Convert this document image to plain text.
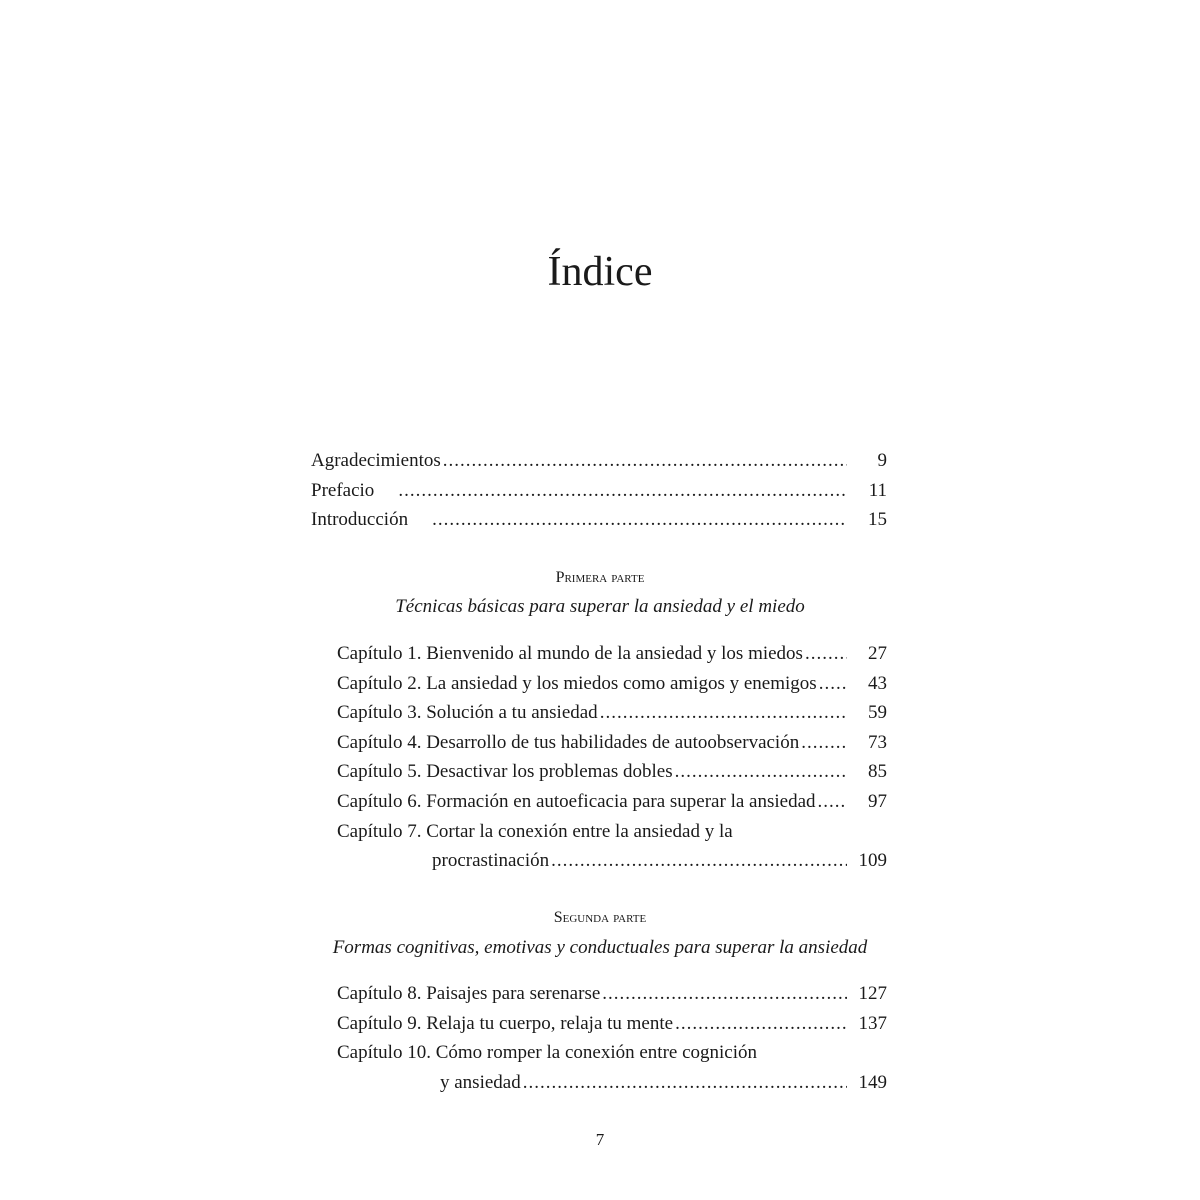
Índice
Agradecimientos .....	9
Prefacio .....	11
Introducción .....	15
Primera parte
Técnicas básicas para superar la ansiedad y el miedo
Capítulo 1. Bienvenido al mundo de la ansiedad y los miedos .....	27
Capítulo 2. La ansiedad y los miedos como amigos y enemigos .....	43
Capítulo 3. Solución a tu ansiedad .....	59
Capítulo 4. Desarrollo de tus habilidades de autoobservación .....	73
Capítulo 5. Desactivar los problemas dobles .....	85
Capítulo 6. Formación en autoeficacia para superar la ansiedad .....	97
Capítulo 7. Cortar la conexión entre la ansiedad y la
procrastinación .....	109
Segunda parte
Formas cognitivas, emotivas y conductuales para superar la ansiedad
Capítulo 8. Paisajes para serenarse .....	127
Capítulo 9. Relaja tu cuerpo, relaja tu mente .....	137
Capítulo 10. Cómo romper la conexión entre cognición
y ansiedad .....	149
7
